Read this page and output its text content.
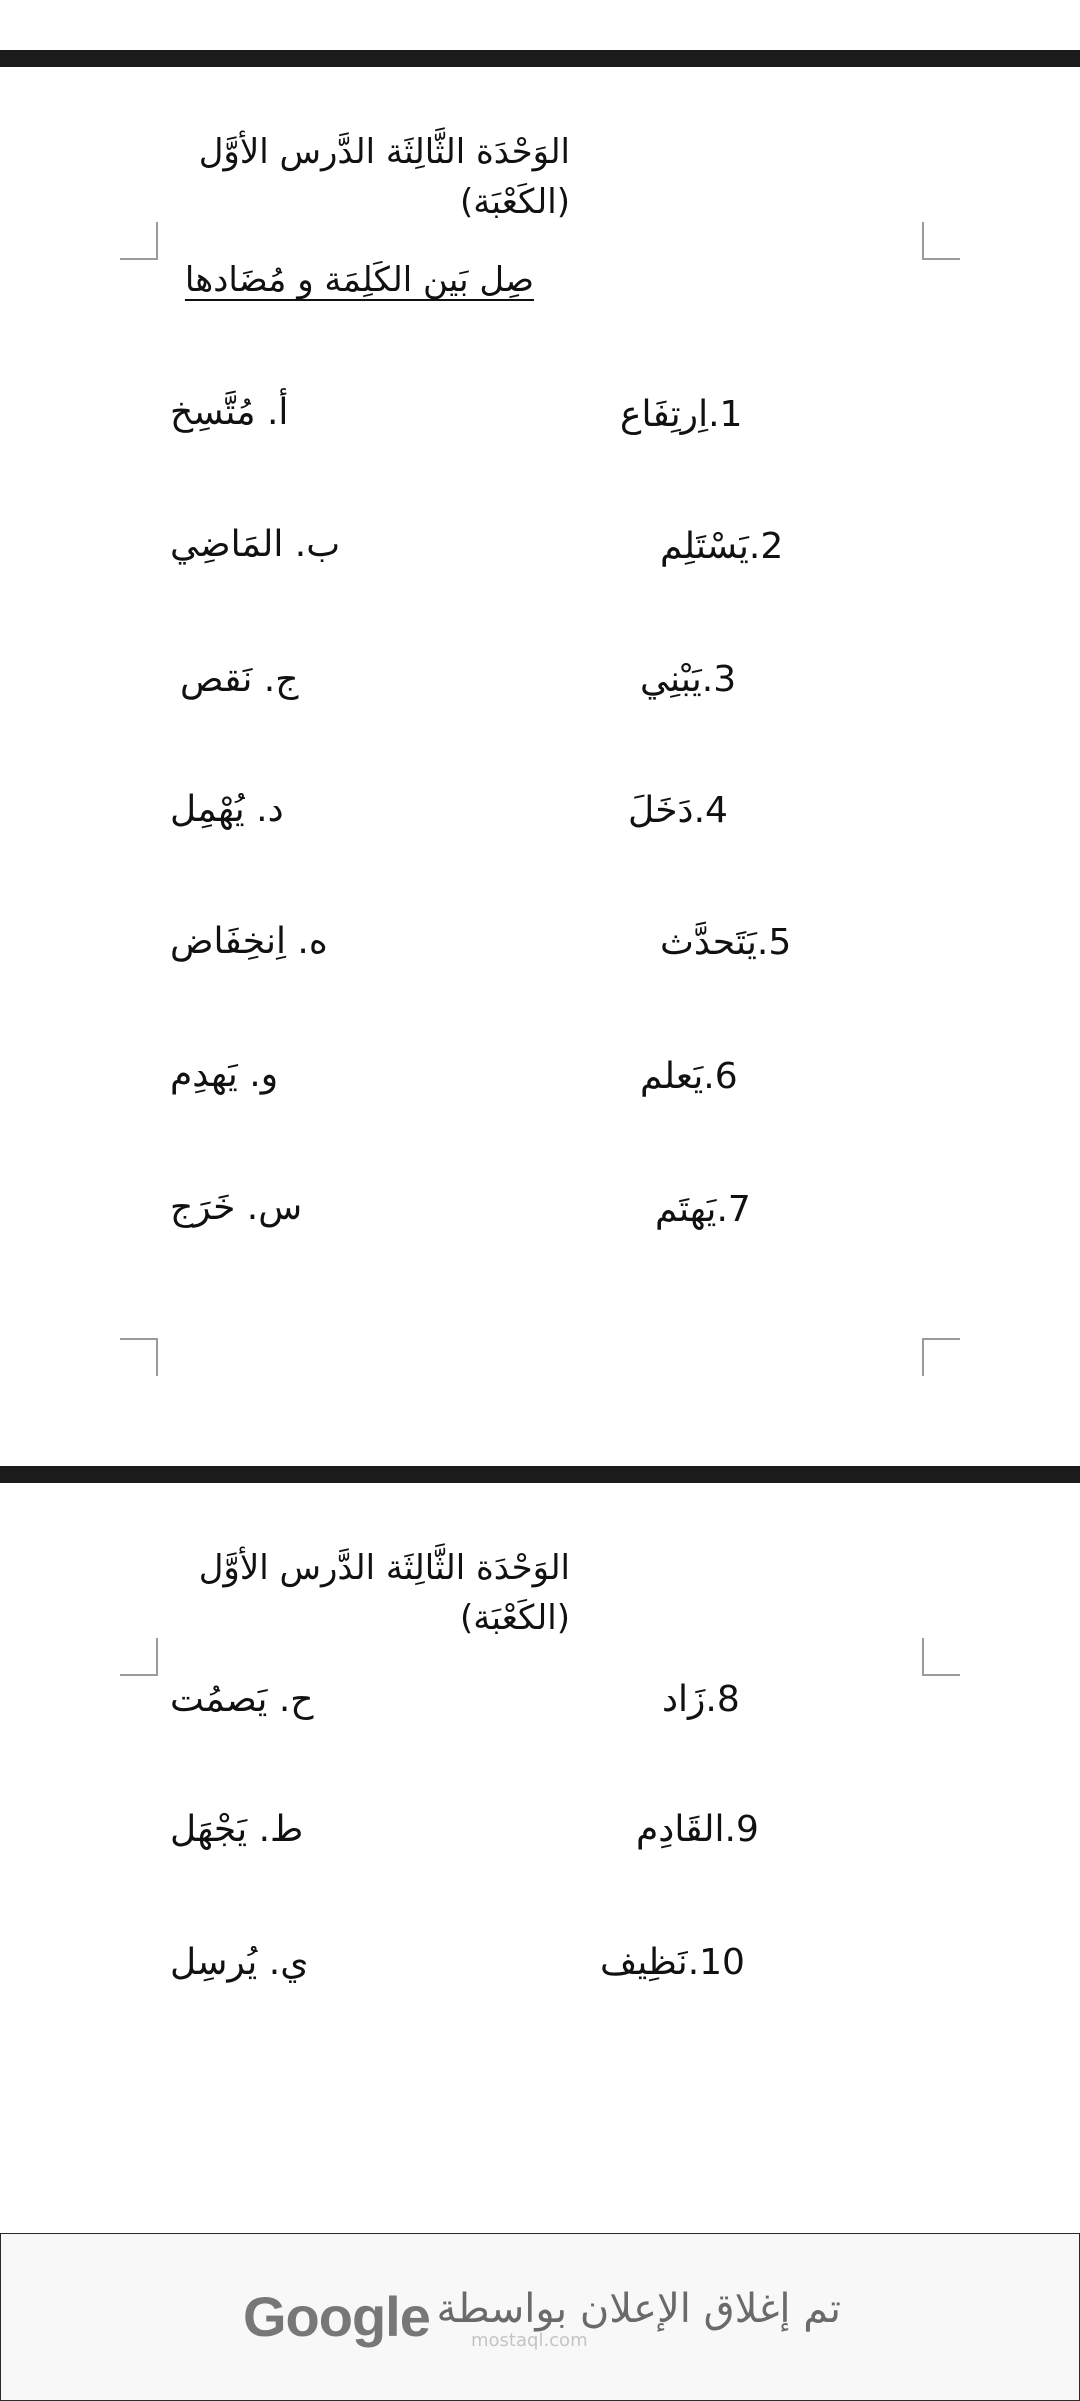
الوَحْدَة الثَّالِثَة الدَّرس الأوَّل
(الكَعْبَة)
صِل بَين الكَلِمَة و مُضَادها
أ. مُتَّسِخ
ب. المَاضِي
ج. نَقص
د. يُهْمِل
ه. اِنخِفَاض
و. يَهدِم
س. خَرَج
1.اِرتِفَاع
2.يَسْتَلِم
3.يَبْنِي
4.دَخَلَ
5.يَتَحدَّث
6.يَعلم
7.يَهتَم
الوَحْدَة الثَّالِثَة الدَّرس الأوَّل
(الكَعْبَة)
ح. يَصمُت
ط. يَجْهَل
ي. يُرسِل
8.زَاد
9.القَادِم
10.نَظِيف
Google تم إغلاق الإعلان بواسطة
mostaql.com
